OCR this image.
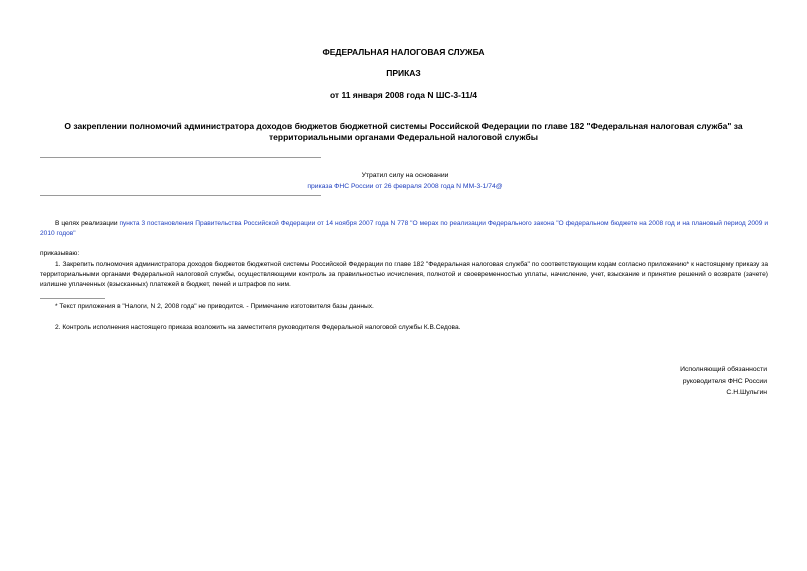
ФЕДЕРАЛЬНАЯ НАЛОГОВАЯ СЛУЖБА
ПРИКАЗ
от 11 января 2008 года N ШС-3-11/4
О закреплении полномочий администратора доходов бюджетов бюджетной системы Российской Федерации по главе 182 "Федеральная налоговая служба" за территориальными органами Федеральной налоговой службы
Утратил силу на основании
приказа ФНС России от 26 февраля 2008 года N ММ-3-1/74@
В целях реализации пункта 3 постановления Правительства Российской Федерации от 14 ноября 2007 года N 778 "О мерах по реализации Федерального закона "О федеральном бюджете на 2008 год и на плановый период 2009 и 2010 годов"
приказываю:
1. Закрепить полномочия администратора доходов бюджетов бюджетной системы Российской Федерации по главе 182 "Федеральная налоговая служба" по соответствующим кодам согласно приложению* к настоящему приказу за территориальными органами Федеральной налоговой службы, осуществляющими контроль за правильностью исчисления, полнотой и своевременностью уплаты, начисление, учет, взыскание и принятие решений о возврате (зачете) излишне уплаченных (взысканных) платежей в бюджет, пеней и штрафов по ним.
* Текст приложения в "Налоги, N 2, 2008 года" не приводится. - Примечание изготовителя базы данных.
2. Контроль исполнения настоящего приказа возложить на заместителя руководителя Федеральной налоговой службы К.В.Седова.
Исполняющий обязанности
руководителя ФНС России
С.Н.Шульгин
